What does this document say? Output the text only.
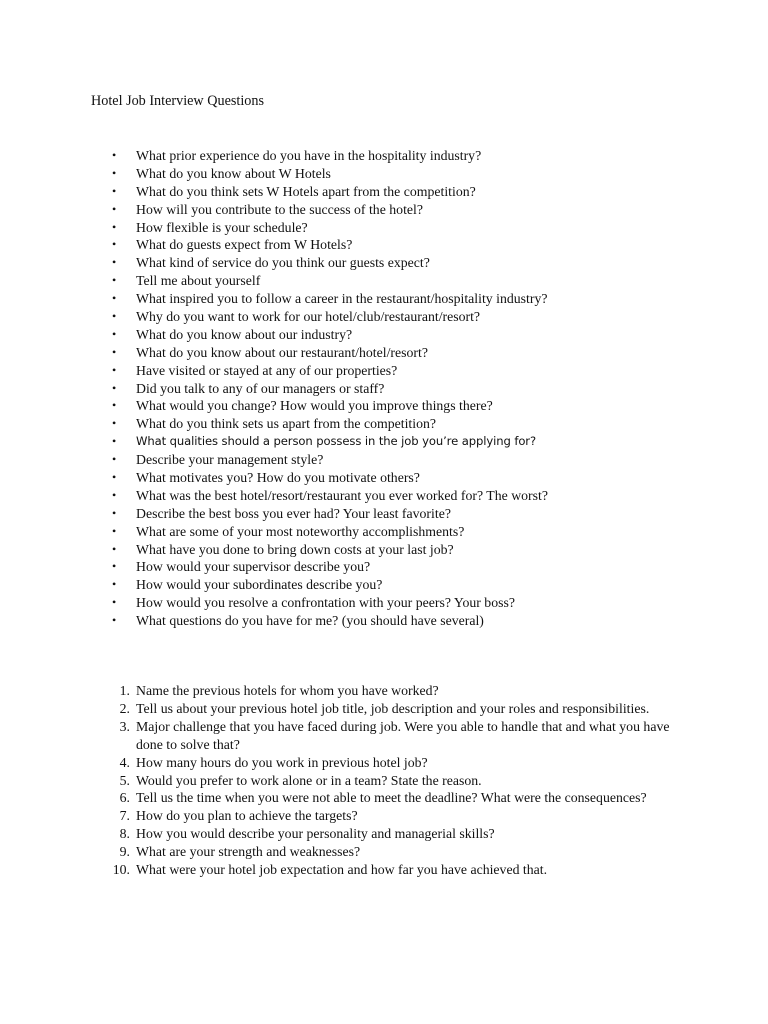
Hotel Job Interview Questions
• What prior experience do you have in the hospitality industry?
• What do you know about W Hotels
• What do you think sets W Hotels apart from the competition?
• How will you contribute to the success of the hotel?
• How flexible is your schedule?
• What do guests expect from W Hotels?
• What kind of service do you think our guests expect?
• Tell me about yourself
• What inspired you to follow a career in the restaurant/hospitality industry?
• Why do you want to work for our hotel/club/restaurant/resort?
• What do you know about our industry?
• What do you know about our restaurant/hotel/resort?
• Have visited or stayed at any of our properties?
• Did you talk to any of our managers or staff?
• What would you change? How would you improve things there?
• What do you think sets us apart from the competition?
• What qualities should a person possess in the job you’re applying for?
• Describe your management style?
• What motivates you? How do you motivate others?
• What was the best hotel/resort/restaurant you ever worked for? The worst?
• Describe the best boss you ever had? Your least favorite?
• What are some of your most noteworthy accomplishments?
• What have you done to bring down costs at your last job?
• How would your supervisor describe you?
• How would your subordinates describe you?
• How would you resolve a confrontation with your peers? Your boss?
• What questions do you have for me? (you should have several)
1. Name the previous hotels for whom you have worked?
2. Tell us about your previous hotel job title, job description and your roles and responsibilities.
3. Major challenge that you have faced during job. Were you able to handle that and what you have done to solve that?
4. How many hours do you work in previous hotel job?
5. Would you prefer to work alone or in a team? State the reason.
6. Tell us the time when you were not able to meet the deadline? What were the consequences?
7. How do you plan to achieve the targets?
8. How you would describe your personality and managerial skills?
9. What are your strength and weaknesses?
10. What were your hotel job expectation and how far you have achieved that.
